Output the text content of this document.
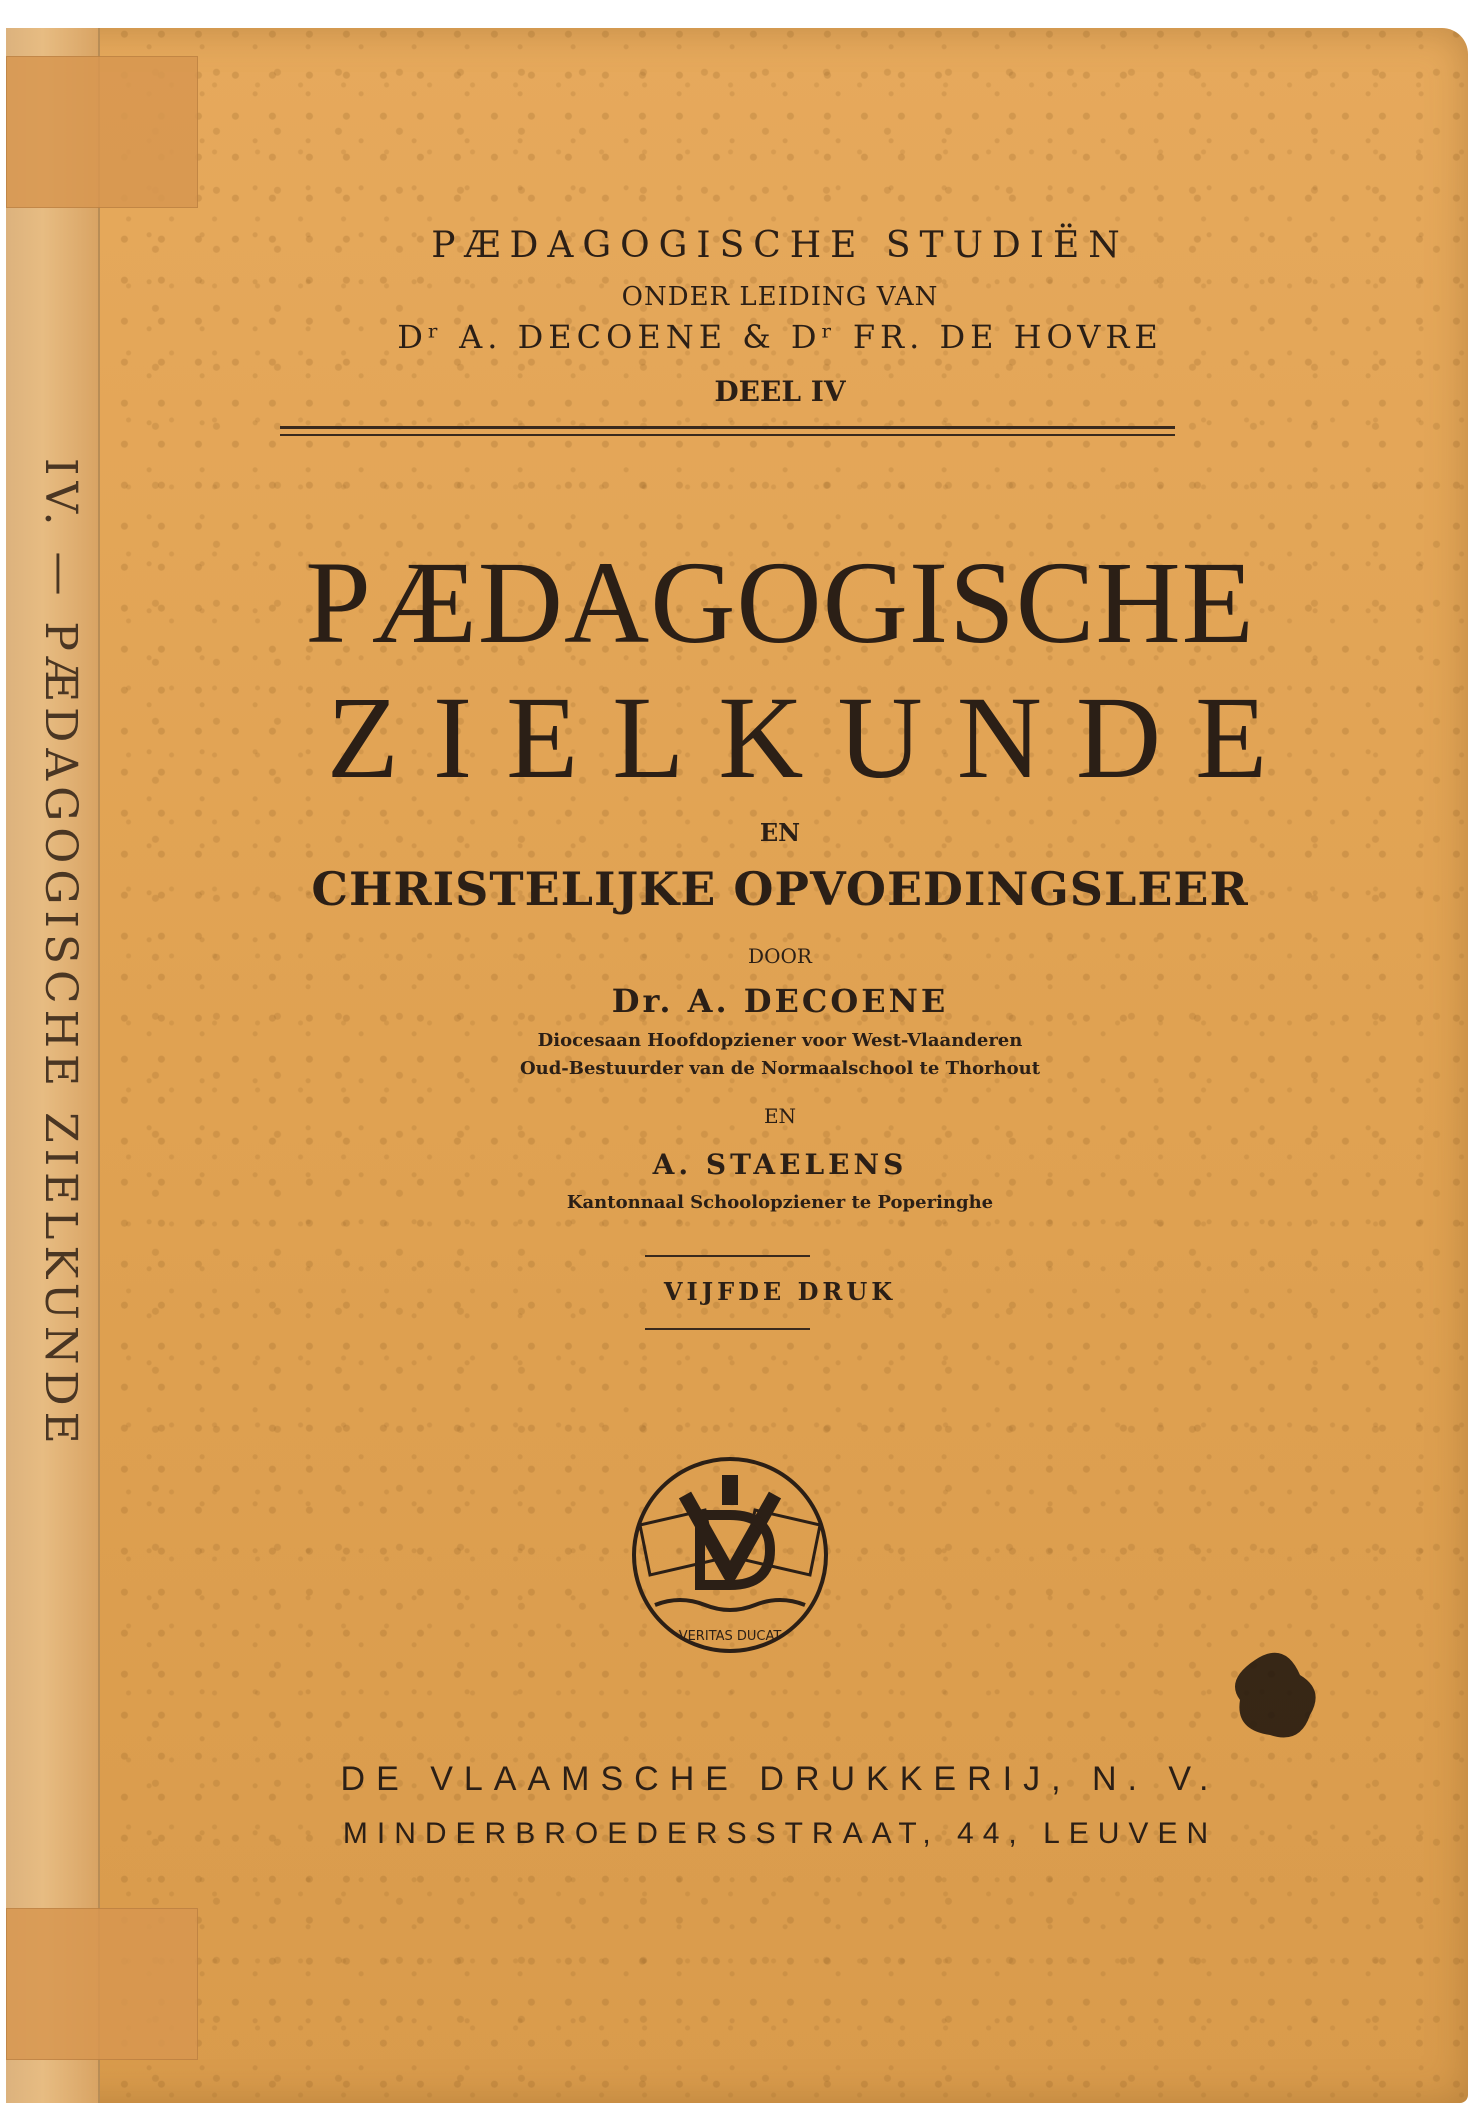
IV. — PÆDAGOGISCHE ZIELKUNDE
PÆDAGOGISCHE STUDIËN
ONDER LEIDING VAN
Dʳ A. DECOENE & Dʳ FR. DE HOVRE
DEEL IV
PÆDAGOGISCHE
ZIELKUNDE
EN
CHRISTELIJKE OPVOEDINGSLEER
DOOR
Dr. A. DECOENE
Diocesaan Hoofdopziener voor West-Vlaanderen
Oud-Bestuurder van de Normaalschool te Thorhout
EN
A. STAELENS
Kantonnaal Schoolopziener te Poperinghe
VIJFDE DRUK
VERITAS DUCAT
DE VLAAMSCHE DRUKKERIJ, N. V.
MINDERBROEDERSSTRAAT, 44, LEUVEN
